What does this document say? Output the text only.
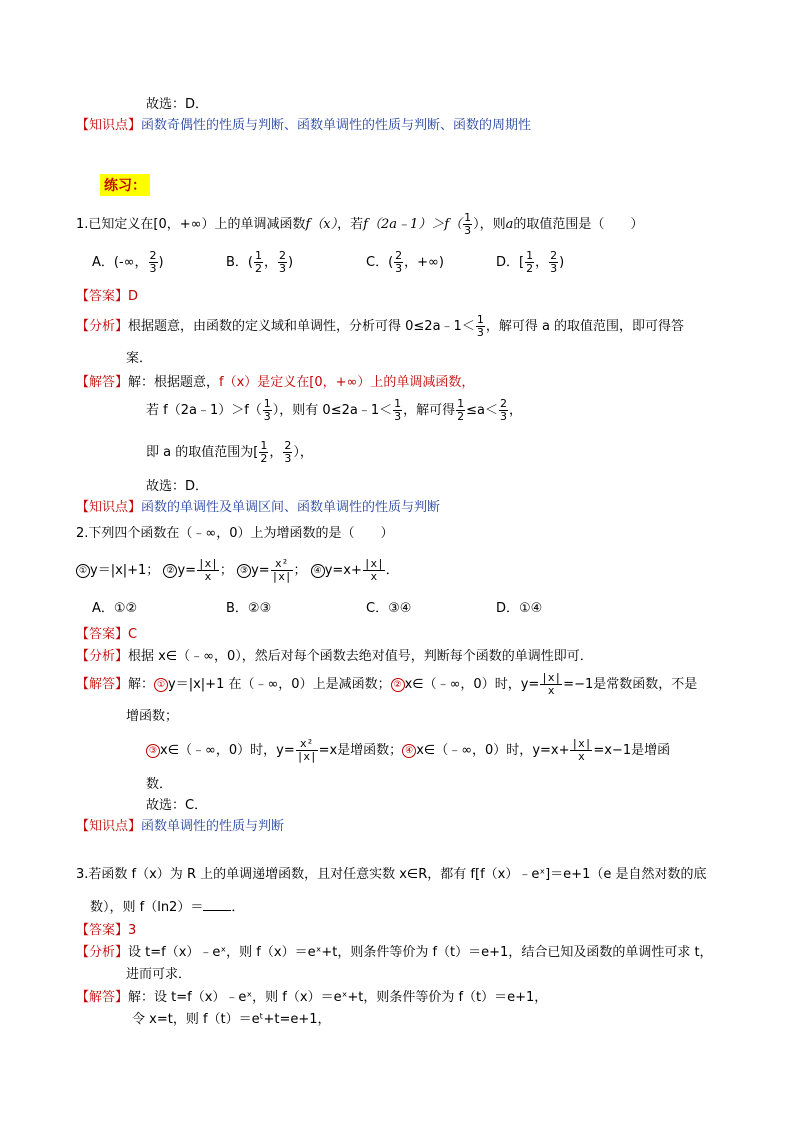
故选：D．
【知识点】函数奇偶性的性质与判断、函数单调性的性质与判断、函数的周期性
练习：
1.已知定义在[0，+∞）上的单调减函数f（x），若f（2a﹣1）＞f（ $\frac{1}{3}$ ），则a的取值范围是（　　）
A．(-∞， $\frac{2}{3}$ )	B．( $\frac{1}{2}$ ， $\frac{2}{3}$ )	C．( $\frac{2}{3}$ ，+∞)	D．[ $\frac{1}{2}$ ， $\frac{2}{3}$ )
【答案】D
【分析】根据题意，由函数的定义域和单调性，分析可得 0≤2a﹣1＜ $\frac{1}{3}$ ，解可得 a 的取值范围，即可得答
案．
【解答】解：根据题意，f（x）是定义在[0，+∞）上的单调减函数，
若 f（2a﹣1）＞f（ $\frac{1}{3}$ ），则有 0≤2a﹣1＜ $\frac{1}{3}$ ，解可得 $\frac{1}{2} \le a< \frac{2}{3}$ ，
即 a 的取值范围为[ $\frac{1}{2}$ ， $\frac{2}{3}$ ），
故选：D．
【知识点】函数的单调性及单调区间、函数单调性的性质与判断
2.下列四个函数在（﹣∞，0）上为增函数的是（　　）
① y＝|x|+1； ② $y= \frac{|x|}{x}$ ； ③ $y= \frac{\text{x²}}{|x|}$ ； ④ $y=x+ \frac{|x|}{x}$ ．
A．①②	B．②③	C．③④	D．①④
【答案】C
【分析】根据 x∈（﹣∞，0），然后对每个函数去绝对值号，判断每个函数的单调性即可．
【解答】解： ① y＝|x|+1 在（﹣∞，0）上是减函数； ② x∈（﹣∞，0）时，$y= \frac{|x|}{x} =-1$是常数函数，不是
增函数；
③ x∈（﹣∞，0）时，$y= \frac{\text{x²}}{|x|} =x$是增函数； ④ x∈（﹣∞，0）时，$y=x+ \frac{|x|}{x} =x-1$是增函
数．
故选：C．
【知识点】函数单调性的性质与判断
3.若函数 f（x）为 R 上的单调递增函数，且对任意实数 x∈R，都有 f[f（x）﹣eˣ]＝e+1（e 是自然对数的底
数），则 f（ln2）＝ ．
【答案】3
【分析】设 t=f（x）﹣eˣ，则 f（x）＝eˣ+t，则条件等价为 f（t）＝e+1，结合已知及函数的单调性可求 t，
进而可求．
【解答】解：设 t=f（x）﹣eˣ，则 f（x）＝eˣ+t，则条件等价为 f（t）＝e+1，
令 x=t，则 f（t）＝eᵗ+t=e+1，
